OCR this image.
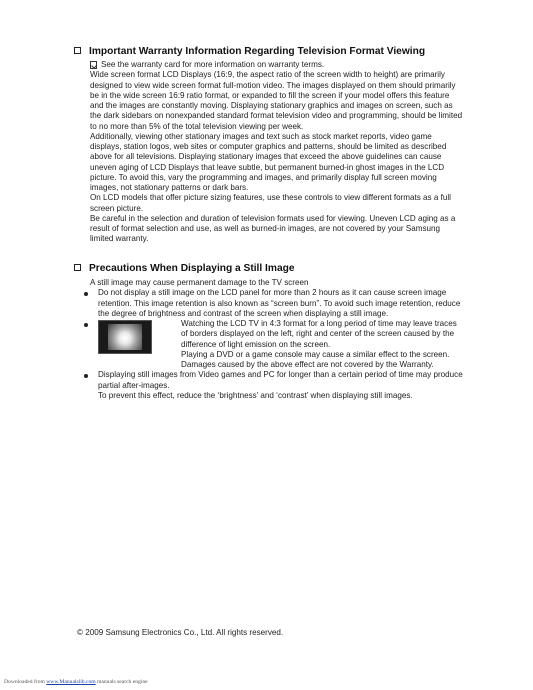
Important Warranty Information Regarding Television Format Viewing
See the warranty card for more information on warranty terms.

Wide screen format LCD Displays (16:9, the aspect ratio of the screen width to height) are primarily designed to view wide screen format full-motion video. The images displayed on them should primarily be in the wide screen 16:9 ratio format, or expanded to fill the screen if your model offers this feature and the images are constantly moving. Displaying stationary graphics and images on screen, such as the dark sidebars on nonexpanded standard format television video and programming, should be limited to no more than 5% of the total television viewing per week.

Additionally, viewing other stationary images and text such as stock market reports, video game displays, station logos, web sites or computer graphics and patterns, should be limited as described above for all televisions. Displaying stationary images that exceed the above guidelines can cause uneven aging of LCD Displays that leave subtle, but permanent burned-in ghost images in the LCD picture. To avoid this, vary the programming and images, and primarily display full screen moving images, not stationary patterns or dark bars.

On LCD models that offer picture sizing features, use these controls to view different formats as a full screen picture.

Be careful in the selection and duration of television formats used for viewing. Uneven LCD aging as a result of format selection and use, as well as burned-in images, are not covered by your Samsung limited warranty.

Precautions When Displaying a Still Image

A still image may cause permanent damage to the TV screen

Do not display a still image on the LCD panel for more than 2 hours as it can cause screen image retention. This image retention is also known as “screen burn”. To avoid such image retention, reduce the degree of brightness and contrast of the screen when displaying a still image.
Watching the LCD TV in 4:3 format for a long period of time may leave traces of borders displayed on the left, right and center of the screen caused by the difference of light emission on the screen.
Playing a DVD or a game console may cause a similar effect to the screen. Damages caused by the above effect are not covered by the Warranty.
Displaying still images from Video games and PC for longer than a certain period of time may produce partial after-images.
To prevent this effect, reduce the ‘brightness’ and ‘contrast’ when displaying still images.
© 2009 Samsung Electronics Co., Ltd. All rights reserved.
Downloaded from www.Manualslib.com manuals search engine
